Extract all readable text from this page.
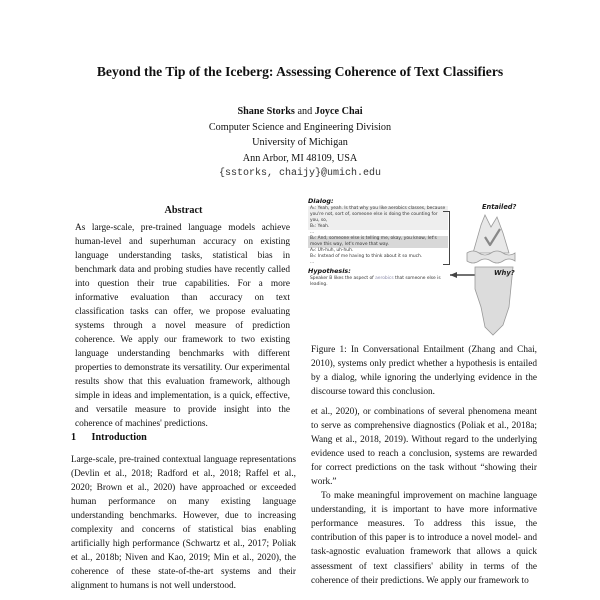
Beyond the Tip of the Iceberg: Assessing Coherence of Text Classifiers
Shane Storks and Joyce Chai
Computer Science and Engineering Division
University of Michigan
Ann Arbor, MI 48109, USA
{sstorks, chaijy}@umich.edu
Abstract
As large-scale, pre-trained language models achieve human-level and superhuman accuracy on existing language understanding tasks, statistical bias in benchmark data and probing studies have recently called into question their true capabilities. For a more informative evaluation than accuracy on text classification tasks can offer, we propose evaluating systems through a novel measure of prediction coherence. We apply our framework to two existing language understanding benchmarks with different properties to demonstrate its versatility. Our experimental results show that this evaluation framework, although simple in ideas and implementation, is a quick, effective, and versatile measure to provide insight into the coherence of machines' predictions.
1 Introduction
Large-scale, pre-trained contextual language representations (Devlin et al., 2018; Radford et al., 2018; Raffel et al., 2020; Brown et al., 2020) have approached or exceeded human performance on many existing language understanding benchmarks. However, due to increasing complexity and concerns of statistical bias enabling artificially high performance (Schwartz et al., 2017; Poliak et al., 2018b; Niven and Kao, 2019; Min et al., 2020), the coherence of these state-of-the-art systems and their alignment to humans is not well understood.
Dialog:
A₁: Yeah, yeah. Is that why you like aerobics classes, because you're not, sort of, someone else is doing the counting for you, so,
B₁: Yeah.
...
B₂: And, someone else is telling me, okay, you know, let's move this way, let's move that way.
A₂: Uh-huh, uh-huh.
B₃: Instead of me having to think about it so much.
...
Hypothesis:
Speaker B likes the aspect of aerobics that someone else is leading.
Entailed?
Why?
Figure 1: In Conversational Entailment (Zhang and Chai, 2010), systems only predict whether a hypothesis is entailed by a dialog, while ignoring the underlying evidence in the discourse toward this conclusion.

et al., 2020), or combinations of several phenomena meant to serve as comprehensive diagnostics (Poliak et al., 2018a; Wang et al., 2018, 2019). Without regard to the underlying evidence used to reach a conclusion, systems are rewarded for correct predictions on the task without “showing their work.”

To make meaningful improvement on machine language understanding, it is important to have more informative performance measures. To address this issue, the contribution of this paper is to introduce a novel model- and task-agnostic evaluation framework that allows a quick assessment of text classifiers' ability in terms of the coherence of their predictions. We apply our framework to
